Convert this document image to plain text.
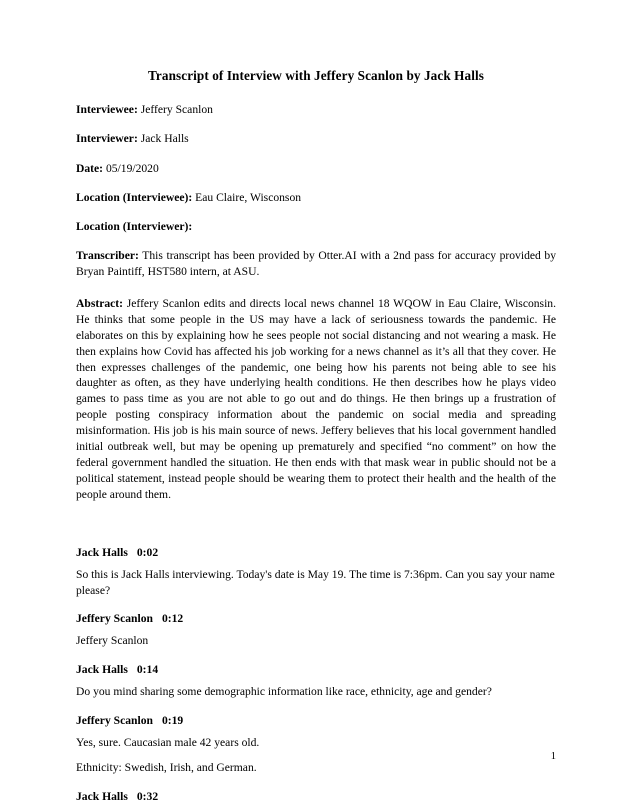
Transcript of Interview with Jeffery Scanlon by Jack Halls

Interviewee: Jeffery Scanlon

Interviewer: Jack Halls

Date: 05/19/2020

Location (Interviewee): Eau Claire, Wisconson

Location (Interviewer):

Transcriber: This transcript has been provided by Otter.AI with a 2nd pass for accuracy provided by Bryan Paintiff, HST580 intern, at ASU.

Abstract: Jeffery Scanlon edits and directs local news channel 18 WQOW in Eau Claire, Wisconsin. He thinks that some people in the US may have a lack of seriousness towards the pandemic. He elaborates on this by explaining how he sees people not social distancing and not wearing a mask. He then explains how Covid has affected his job working for a news channel as it’s all that they cover. He then expresses challenges of the pandemic, one being how his parents not being able to see his daughter as often, as they have underlying health conditions. He then describes how he plays video games to pass time as you are not able to go out and do things. He then brings up a frustration of people posting conspiracy information about the pandemic on social media and spreading misinformation. His job is his main source of news. Jeffery believes that his local government handled initial outbreak well, but may be opening up prematurely and specified “no comment” on how the federal government handled the situation. He then ends with that mask wear in public should not be a political statement, instead people should be wearing them to protect their health and the health of the people around them.

Jack Halls 0:02

So this is Jack Halls interviewing. Today's date is May 19. The time is 7:36pm. Can you say your name please?

Jeffery Scanlon 0:12

Jeffery Scanlon

Jack Halls 0:14

Do you mind sharing some demographic information like race, ethnicity, age and gender?

Jeffery Scanlon 0:19

Yes, sure. Caucasian male 42 years old.

Ethnicity: Swedish, Irish, and German.

Jack Halls 0:32
1
